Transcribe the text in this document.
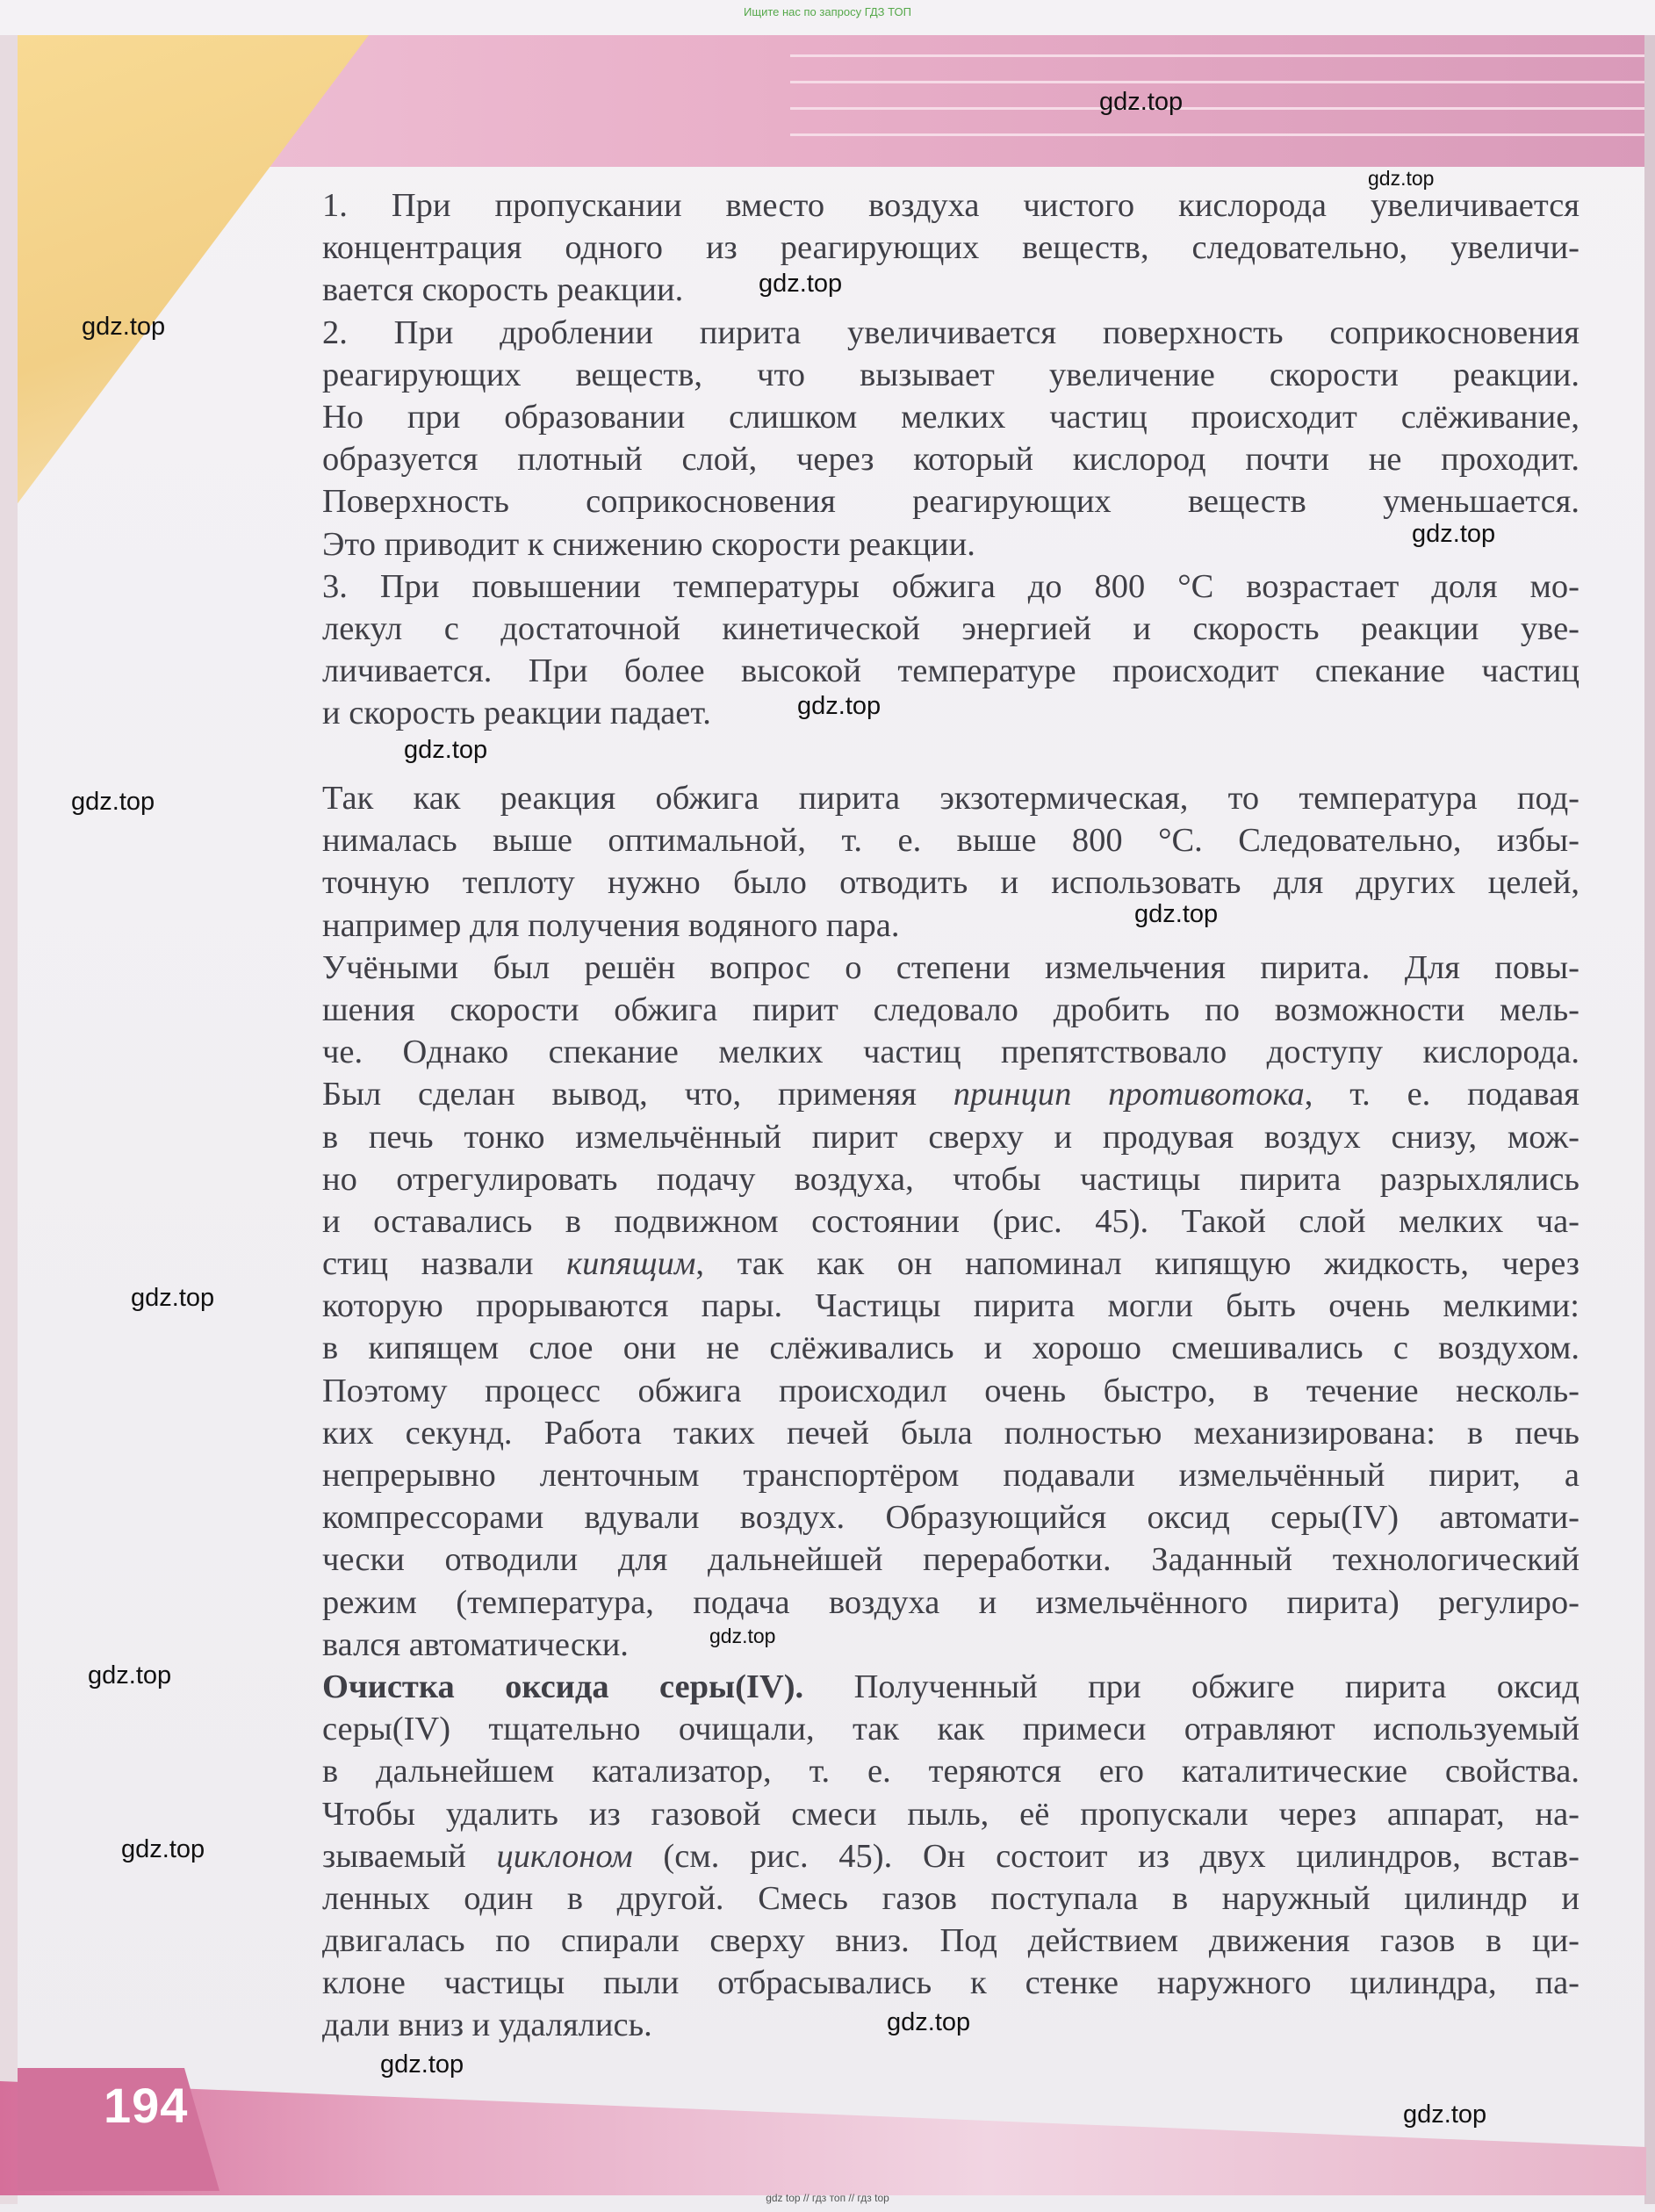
Ищите нас по запросу ГДЗ ТОП
1. При пропускании вместо воздуха чистого кислорода увеличивается
концентрация одного из реагирующих веществ, следовательно, увеличи-
вается скорость реакции.
2. При дроблении пирита увеличивается поверхность соприкосновения
реагирующих веществ, что вызывает увеличение скорости реакции.
Но при образовании слишком мелких частиц происходит слёживание,
образуется плотный слой, через который кислород почти не проходит.
Поверхность соприкосновения реагирующих веществ уменьшается.
Это приводит к снижению скорости реакции.
3. При повышении температуры обжига до 800 °С возрастает доля мо-
лекул с достаточной кинетической энергией и скорость реакции уве-
личивается. При более высокой температуре происходит спекание частиц
и скорость реакции падает.
Так как реакция обжига пирита экзотермическая, то температура под-
нималась выше оптимальной, т. е. выше 800 °С. Следовательно, избы-
точную теплоту нужно было отводить и использовать для других целей,
например для получения водяного пара.
Учёными был решён вопрос о степени измельчения пирита. Для повы-
шения скорости обжига пирит следовало дробить по возможности мель-
че. Однако спекание мелких частиц препятствовало доступу кислорода.
Был сделан вывод, что, применяя принцип противотока, т. е. подавая
в печь тонко измельчённый пирит сверху и продувая воздух снизу, мож-
но отрегулировать подачу воздуха, чтобы частицы пирита разрыхлялись
и оставались в подвижном состоянии (рис. 45). Такой слой мелких ча-
стиц назвали кипящим, так как он напоминал кипящую жидкость, через
которую прорываются пары. Частицы пирита могли быть очень мелкими:
в кипящем слое они не слёживались и хорошо смешивались с воздухом.
Поэтому процесс обжига происходил очень быстро, в течение несколь-
ких секунд. Работа таких печей была полностью механизирована: в печь
непрерывно ленточным транспортёром подавали измельчённый пирит, а
компрессорами вдували воздух. Образующийся оксид серы(IV) автомати-
чески отводили для дальнейшей переработки. Заданный технологический
режим (температура, подача воздуха и измельчённого пирита) регулиро-
вался автоматически.
Очистка оксида серы(IV). Полученный при обжиге пирита оксид
серы(IV) тщательно очищали, так как примеси отравляют используемый
в дальнейшем катализатор, т. е. теряются его каталитические свойства.
Чтобы удалить из газовой смеси пыль, её пропускали через аппарат, на-
зываемый циклоном (см. рис. 45). Он состоит из двух цилиндров, встав-
ленных один в другой. Смесь газов поступала в наружный цилиндр и
двигалась по спирали сверху вниз. Под действием движения газов в ци-
клоне частицы пыли отбрасывались к стенке наружного цилиндра, па-
дали вниз и удалялись.
194
gdz top // гдз топ // гдз top
gdz.top
gdz.top
gdz.top
gdz.top
gdz.top
gdz.top
gdz.top
gdz.top
gdz.top
gdz.top
gdz.top
gdz.top
gdz.top
gdz.top
gdz.top
gdz.top
